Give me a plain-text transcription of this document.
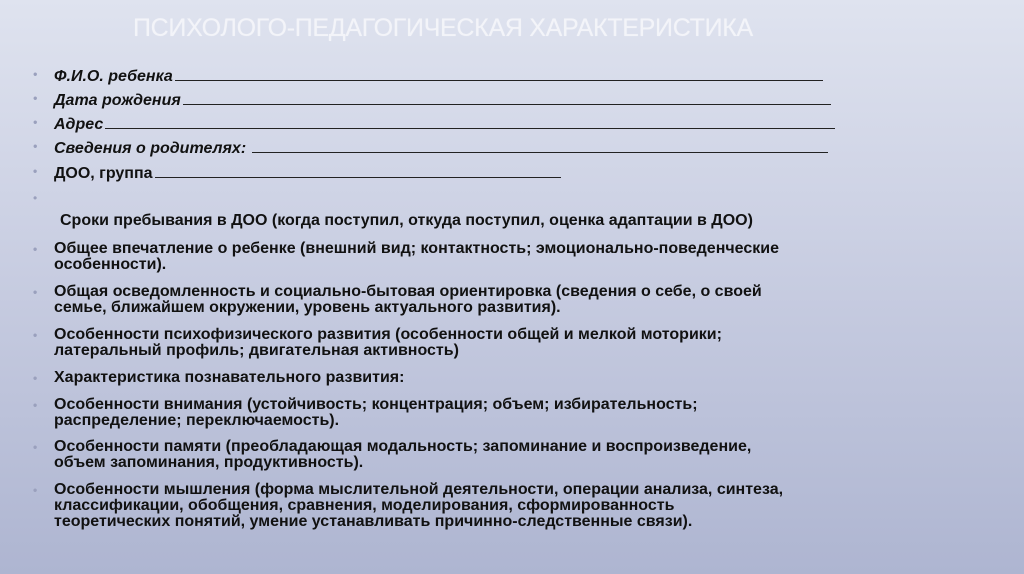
ПСИХОЛОГО-ПЕДАГОГИЧЕСКАЯ ХАРАКТЕРИСТИКА
• Ф.И.О. ребенка
• Дата рождения
• Адрес
• Сведения о родителях:
• ДОО, группа
•
Сроки пребывания в ДОО (когда поступил, откуда поступил, оценка адаптации в ДОО)
• Общее впечатление о ребенке (внешний вид; контактность; эмоционально-поведенческие
особенности).
• Общая осведомленность и социально-бытовая ориентировка (сведения о себе, о своей
семье, ближайшем окружении, уровень актуального развития).
• Особенности психофизического развития (особенности общей и мелкой моторики;
латеральный профиль; двигательная активность)
• Характеристика познавательного развития:
• Особенности внимания (устойчивость; концентрация; объем; избирательность;
распределение; переключаемость).
• Особенности памяти (преобладающая модальность; запоминание и воспроизведение,
объем запоминания, продуктивность).
• Особенности мышления (форма мыслительной деятельности, операции анализа, синтеза,
классификации, обобщения, сравнения, моделирования, сформированность
теоретических понятий, умение устанавливать причинно-следственные связи).
